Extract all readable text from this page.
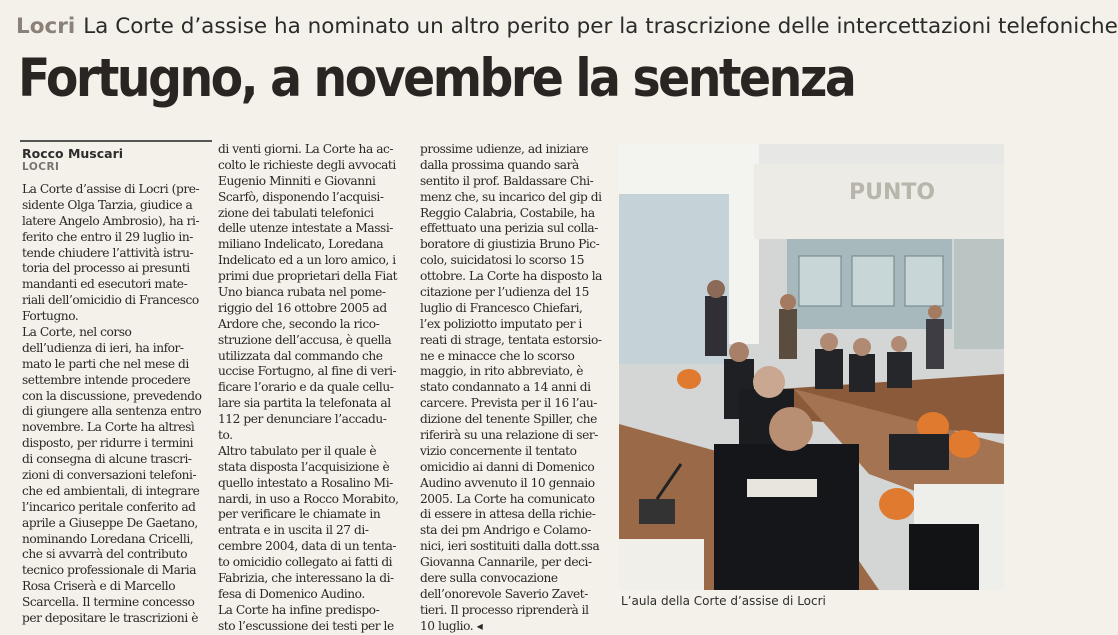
Locri La Corte d’assise ha nominato un altro perito per la trascrizione delle intercettazioni telefoniche
Fortugno, a novembre la sentenza
Rocco Muscari
LOCRI
La Corte d’assise di Locri (pre-
sidente Olga Tarzia, giudice a
latere Angelo Ambrosio), ha ri-
ferito che entro il 29 luglio in-
tende chiudere l’attività istru-
toria del processo ai presunti
mandanti ed esecutori mate-
riali dell’omicidio di Francesco
Fortugno.
La Corte, nel corso
dell’udienza di ieri, ha infor-
mato le parti che nel mese di
settembre intende procedere
con la discussione, prevedendo
di giungere alla sentenza entro
novembre. La Corte ha altresì
disposto, per ridurre i termini
di consegna di alcune trascri-
zioni di conversazioni telefoni-
che ed ambientali, di integrare
l’incarico peritale conferito ad
aprile a Giuseppe De Gaetano,
nominando Loredana Cricelli,
che si avvarrà del contributo
tecnico professionale di Maria
Rosa Criserà e di Marcello
Scarcella. Il termine concesso
per depositare le trascrizioni è
di venti giorni. La Corte ha ac-
colto le richieste degli avvocati
Eugenio Minniti e Giovanni
Scarfò, disponendo l’acquisi-
zione dei tabulati telefonici
delle utenze intestate a Massi-
miliano Indelicato, Loredana
Indelicato ed a un loro amico, i
primi due proprietari della Fiat
Uno bianca rubata nel pome-
riggio del 16 ottobre 2005 ad
Ardore che, secondo la rico-
struzione dell’accusa, è quella
utilizzata dal commando che
uccise Fortugno, al fine di veri-
ficare l’orario e da quale cellu-
lare sia partita la telefonata al
112 per denunciare l’accadu-
to.
Altro tabulato per il quale è
stata disposta l’acquisizione è
quello intestato a Rosalino Mi-
nardi, in uso a Rocco Morabito,
per verificare le chiamate in
entrata e in uscita il 27 di-
cembre 2004, data di un tenta-
to omicidio collegato ai fatti di
Fabrizia, che interessano la di-
fesa di Domenico Audino.
La Corte ha infine predispo-
sto l’escussione dei testi per le
prossime udienze, ad iniziare
dalla prossima quando sarà
sentito il prof. Baldassare Chi-
menz che, su incarico del gip di
Reggio Calabria, Costabile, ha
effettuato una perizia sul colla-
boratore di giustizia Bruno Pic-
colo, suicidatosi lo scorso 15
ottobre. La Corte ha disposto la
citazione per l’udienza del 15
luglio di Francesco Chiefari,
l’ex poliziotto imputato per i
reati di strage, tentata estorsio-
ne e minacce che lo scorso
maggio, in rito abbreviato, è
stato condannato a 14 anni di
carcere. Prevista per il 16 l’au-
dizione del tenente Spiller, che
riferirà su una relazione di ser-
vizio concernente il tentato
omicidio ai danni di Domenico
Audino avvenuto il 10 gennaio
2005. La Corte ha comunicato
di essere in attesa della richie-
sta dei pm Andrigo e Colamo-
nici, ieri sostituiti dalla dott.ssa
Giovanna Cannarile, per deci-
dere sulla convocazione
dell’onorevole Saverio Zavet-
tieri. Il processo riprenderà il
10 luglio. ◂
PUNTO
L’aula della Corte d’assise di Locri
